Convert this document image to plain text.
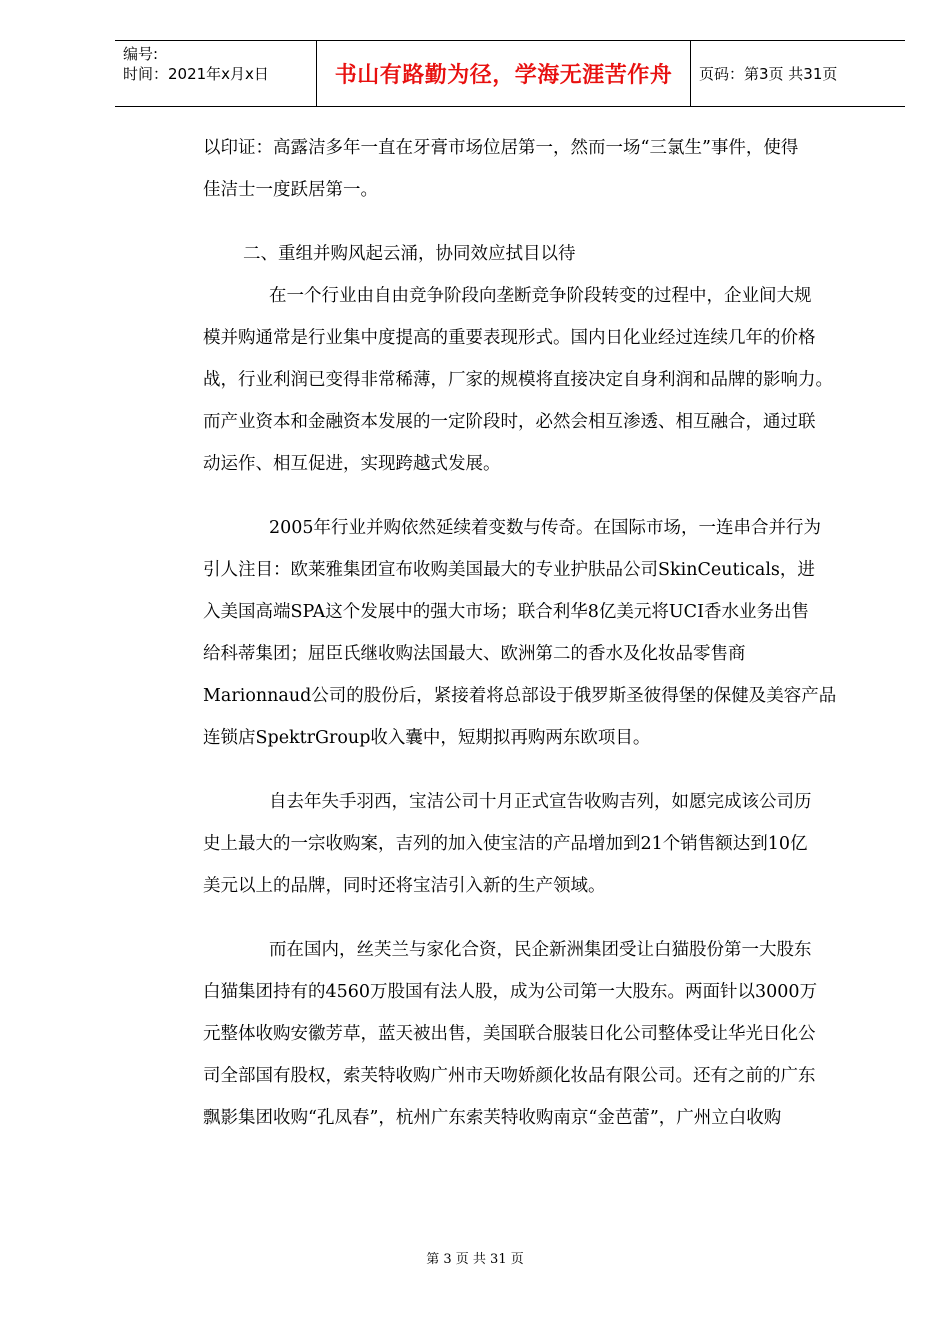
编号:
时间：2021年x月x日	书山有路勤为径，学海无涯苦作舟 页码：第3页 共31页
以印证：高露洁多年一直在牙膏市场位居第一，然而一场“三氯生”事件，使得
佳洁士一度跃居第一。
二、重组并购风起云涌，协同效应拭目以待
在一个行业由自由竞争阶段向垄断竞争阶段转变的过程中，企业间大规
模并购通常是行业集中度提高的重要表现形式。国内日化业经过连续几年的价格
战，行业利润已变得非常稀薄，厂家的规模将直接决定自身利润和品牌的影响力。
而产业资本和金融资本发展的一定阶段时，必然会相互渗透、相互融合，通过联
动运作、相互促进，实现跨越式发展。
2005年行业并购依然延续着变数与传奇。在国际市场，一连串合并行为
引人注目：欧莱雅集团宣布收购美国最大的专业护肤品公司SkinCeuticals，进
入美国高端SPA这个发展中的强大市场；联合利华8亿美元将UCI香水业务出售
给科蒂集团；屈臣氏继收购法国最大、欧洲第二的香水及化妆品零售商
Marionnaud公司的股份后，紧接着将总部设于俄罗斯圣彼得堡的保健及美容产品
连锁店SpektrGroup收入囊中，短期拟再购两东欧项目。
自去年失手羽西，宝洁公司十月正式宣告收购吉列，如愿完成该公司历
史上最大的一宗收购案，吉列的加入使宝洁的产品增加到21个销售额达到10亿
美元以上的品牌，同时还将宝洁引入新的生产领域。
而在国内，丝芙兰与家化合资，民企新洲集团受让白猫股份第一大股东
白猫集团持有的4560万股国有法人股，成为公司第一大股东。两面针以3000万
元整体收购安徽芳草，蓝天被出售，美国联合服装日化公司整体受让华光日化公
司全部国有股权，索芙特收购广州市天吻娇颜化妆品有限公司。还有之前的广东
飘影集团收购“孔凤春”，杭州广东索芙特收购南京“金芭蕾”，广州立白收购
第 3 页 共 31 页
